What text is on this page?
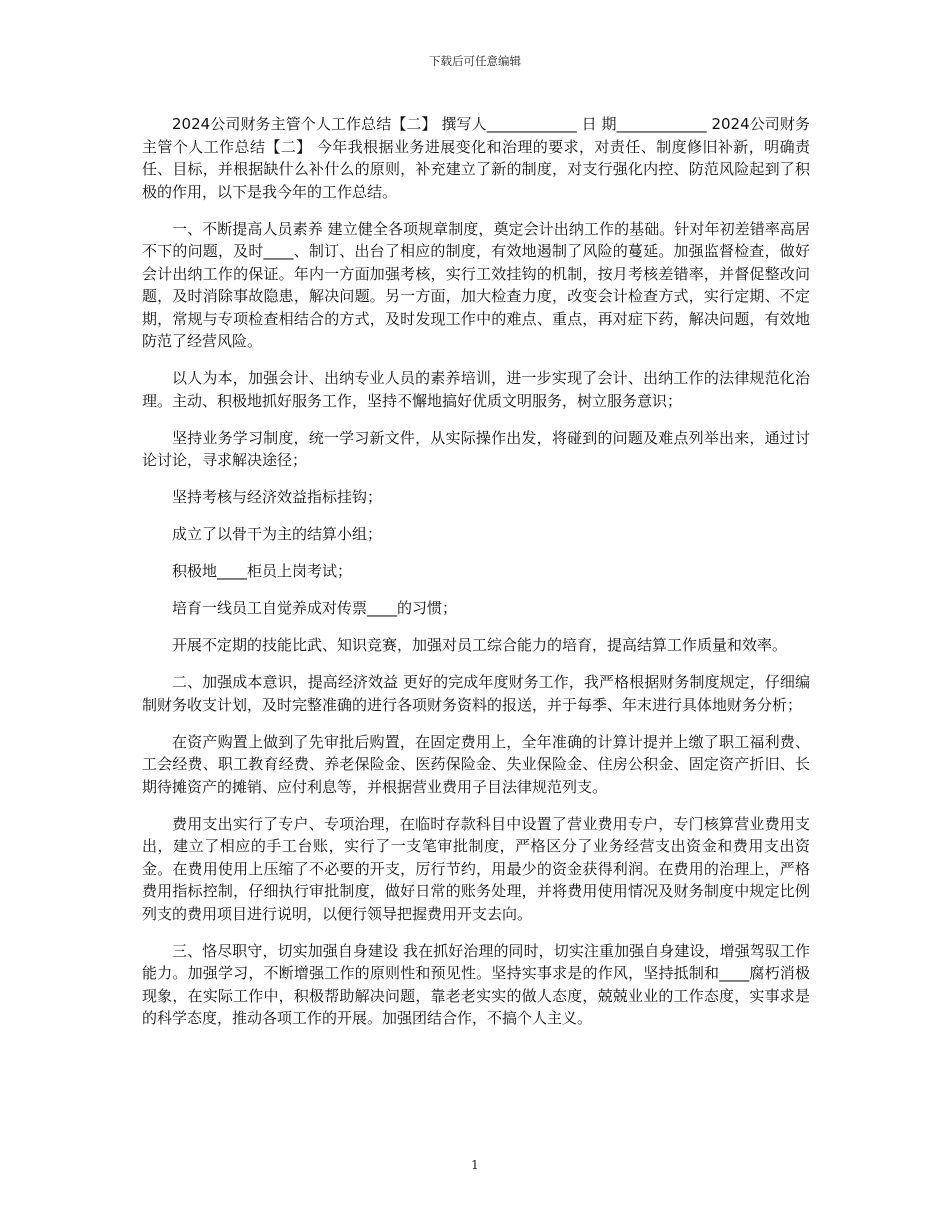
下载后可任意编辑

2024公司财务主管个人工作总结【二】 撰写人____________ 日 期____________ 2024公司财务主管个人工作总结【二】 今年我根据业务进展变化和治理的要求，对责任、制度修旧补新，明确责任、目标，并根据缺什么补什么的原则，补充建立了新的制度，对支行强化内控、防范风险起到了积极的作用，以下是我今年的工作总结。

一、不断提高人员素养 建立健全各项规章制度，奠定会计出纳工作的基础。针对年初差错率高居不下的问题，及时____、制订、出台了相应的制度，有效地遏制了风险的蔓延。加强监督检查，做好会计出纳工作的保证。年内一方面加强考核，实行工效挂钩的机制，按月考核差错率，并督促整改问题，及时消除事故隐患，解决问题。另一方面，加大检查力度，改变会计检查方式，实行定期、不定期，常规与专项检查相结合的方式，及时发现工作中的难点、重点，再对症下药，解决问题，有效地防范了经营风险。

以人为本，加强会计、出纳专业人员的素养培训，进一步实现了会计、出纳工作的法律规范化治理。主动、积极地抓好服务工作，坚持不懈地搞好优质文明服务，树立服务意识；

坚持业务学习制度，统一学习新文件，从实际操作出发，将碰到的问题及难点列举出来，通过讨论讨论，寻求解决途径；

坚持考核与经济效益指标挂钩；

成立了以骨干为主的结算小组；

积极地____柜员上岗考试；

培育一线员工自觉养成对传票____的习惯；

开展不定期的技能比武、知识竞赛，加强对员工综合能力的培育，提高结算工作质量和效率。

二、加强成本意识，提高经济效益 更好的完成年度财务工作，我严格根据财务制度规定，仔细编制财务收支计划，及时完整准确的进行各项财务资料的报送，并于每季、年末进行具体地财务分析；

在资产购置上做到了先审批后购置，在固定费用上，全年准确的计算计提并上缴了职工福利费、工会经费、职工教育经费、养老保险金、医药保险金、失业保险金、住房公积金、固定资产折旧、长期待摊资产的摊销、应付利息等，并根据营业费用子目法律规范列支。

费用支出实行了专户、专项治理，在临时存款科目中设置了营业费用专户，专门核算营业费用支出，建立了相应的手工台账，实行了一支笔审批制度，严格区分了业务经营支出资金和费用支出资金。在费用使用上压缩了不必要的开支，厉行节约，用最少的资金获得利润。在费用的治理上，严格费用指标控制，仔细执行审批制度，做好日常的账务处理，并将费用使用情况及财务制度中规定比例列支的费用项目进行说明，以便行领导把握费用开支去向。

三、恪尽职守，切实加强自身建设 我在抓好治理的同时，切实注重加强自身建设，增强驾驭工作能力。加强学习，不断增强工作的原则性和预见性。坚持实事求是的作风，坚持抵制和____腐朽消极现象，在实际工作中，积极帮助解决问题，靠老老实实的做人态度，兢兢业业的工作态度，实事求是的科学态度，推动各项工作的开展。加强团结合作，不搞个人主义。

1
